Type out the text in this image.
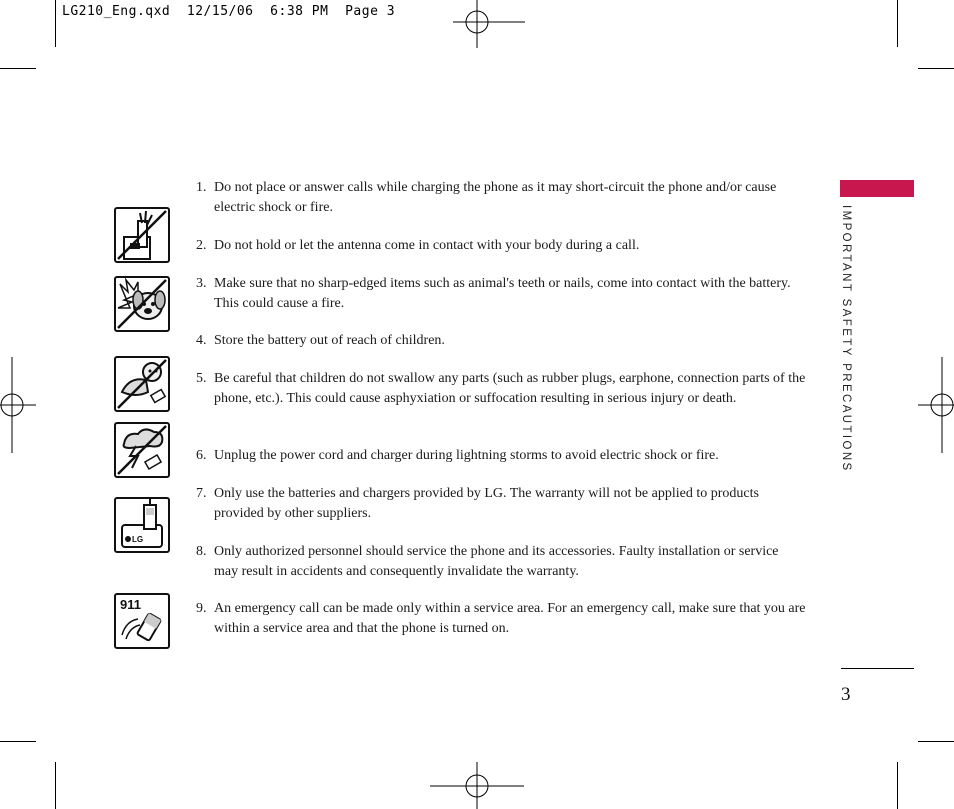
LG210_Eng.qxd  12/15/06  6:38 PM  Page 3
IMPORTANT SAFETY PRECAUTIONS
3
LG
911
1. Do not place or answer calls while charging the phone as it may short-circuit the phone and/or cause electric shock or fire.
2. Do not hold or let the antenna come in contact with your body during a call.
3. Make sure that no sharp-edged items such as animal's teeth or nails, come into contact with the battery. This could cause a fire.
4. Store the battery out of reach of children.
5. Be careful that children do not swallow any parts (such as rubber plugs, earphone, connection parts of the phone, etc.). This could cause asphyxiation or suffocation resulting in serious injury or death.
6. Unplug the power cord and charger during lightning storms to avoid electric shock or fire.
7. Only use the batteries and chargers provided by LG. The warranty will not be applied to products provided by other suppliers.
8. Only authorized personnel should service the phone and its accessories. Faulty installation or service may result in accidents and consequently invalidate the warranty.
9. An emergency call can be made only within a service area. For an emergency call, make sure that you are within a service area and that the phone is turned on.
